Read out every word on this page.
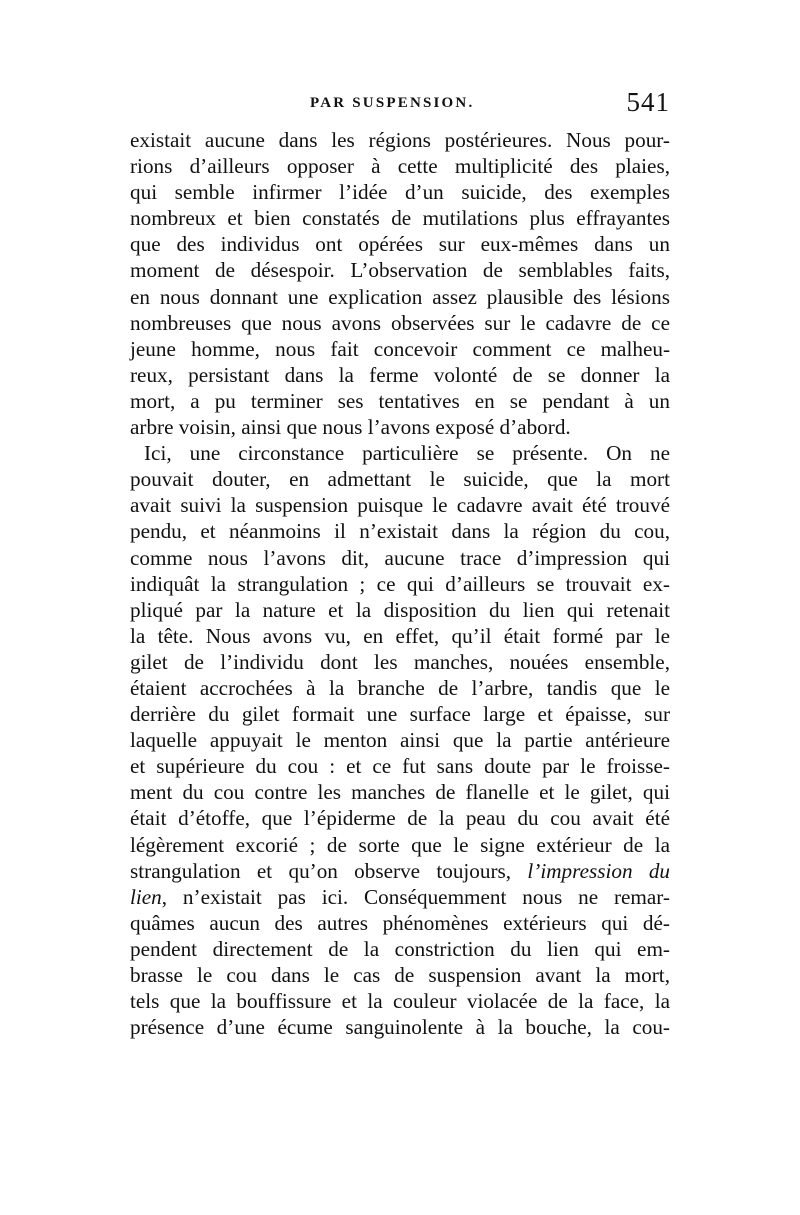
PAR SUSPENSION.	541
existait aucune dans les régions postérieures. Nous pour-
rions d’ailleurs opposer à cette multiplicité des plaies,
qui semble infirmer l’idée d’un suicide, des exemples
nombreux et bien constatés de mutilations plus effrayantes
que des individus ont opérées sur eux-mêmes dans un
moment de désespoir. L’observation de semblables faits,
en nous donnant une explication assez plausible des lésions
nombreuses que nous avons observées sur le cadavre de ce
jeune homme, nous fait concevoir comment ce malheu-
reux, persistant dans la ferme volonté de se donner la
mort, a pu terminer ses tentatives en se pendant à un
arbre voisin, ainsi que nous l’avons exposé d’abord.
Ici, une circonstance particulière se présente. On ne
pouvait douter, en admettant le suicide, que la mort
avait suivi la suspension puisque le cadavre avait été trouvé
pendu, et néanmoins il n’existait dans la région du cou,
comme nous l’avons dit, aucune trace d’impression qui
indiquât la strangulation ; ce qui d’ailleurs se trouvait ex-
pliqué par la nature et la disposition du lien qui retenait
la tête. Nous avons vu, en effet, qu’il était formé par le
gilet de l’individu dont les manches, nouées ensemble,
étaient accrochées à la branche de l’arbre, tandis que le
derrière du gilet formait une surface large et épaisse, sur
laquelle appuyait le menton ainsi que la partie antérieure
et supérieure du cou : et ce fut sans doute par le froisse-
ment du cou contre les manches de flanelle et le gilet, qui
était d’étoffe, que l’épiderme de la peau du cou avait été
légèrement excorié ; de sorte que le signe extérieur de la
strangulation et qu’on observe toujours, l’impression du
lien, n’existait pas ici. Conséquemment nous ne remar-
quâmes aucun des autres phénomènes extérieurs qui dé-
pendent directement de la constriction du lien qui em-
brasse le cou dans le cas de suspension avant la mort,
tels que la bouffissure et la couleur violacée de la face, la
présence d’une écume sanguinolente à la bouche, la cou-
